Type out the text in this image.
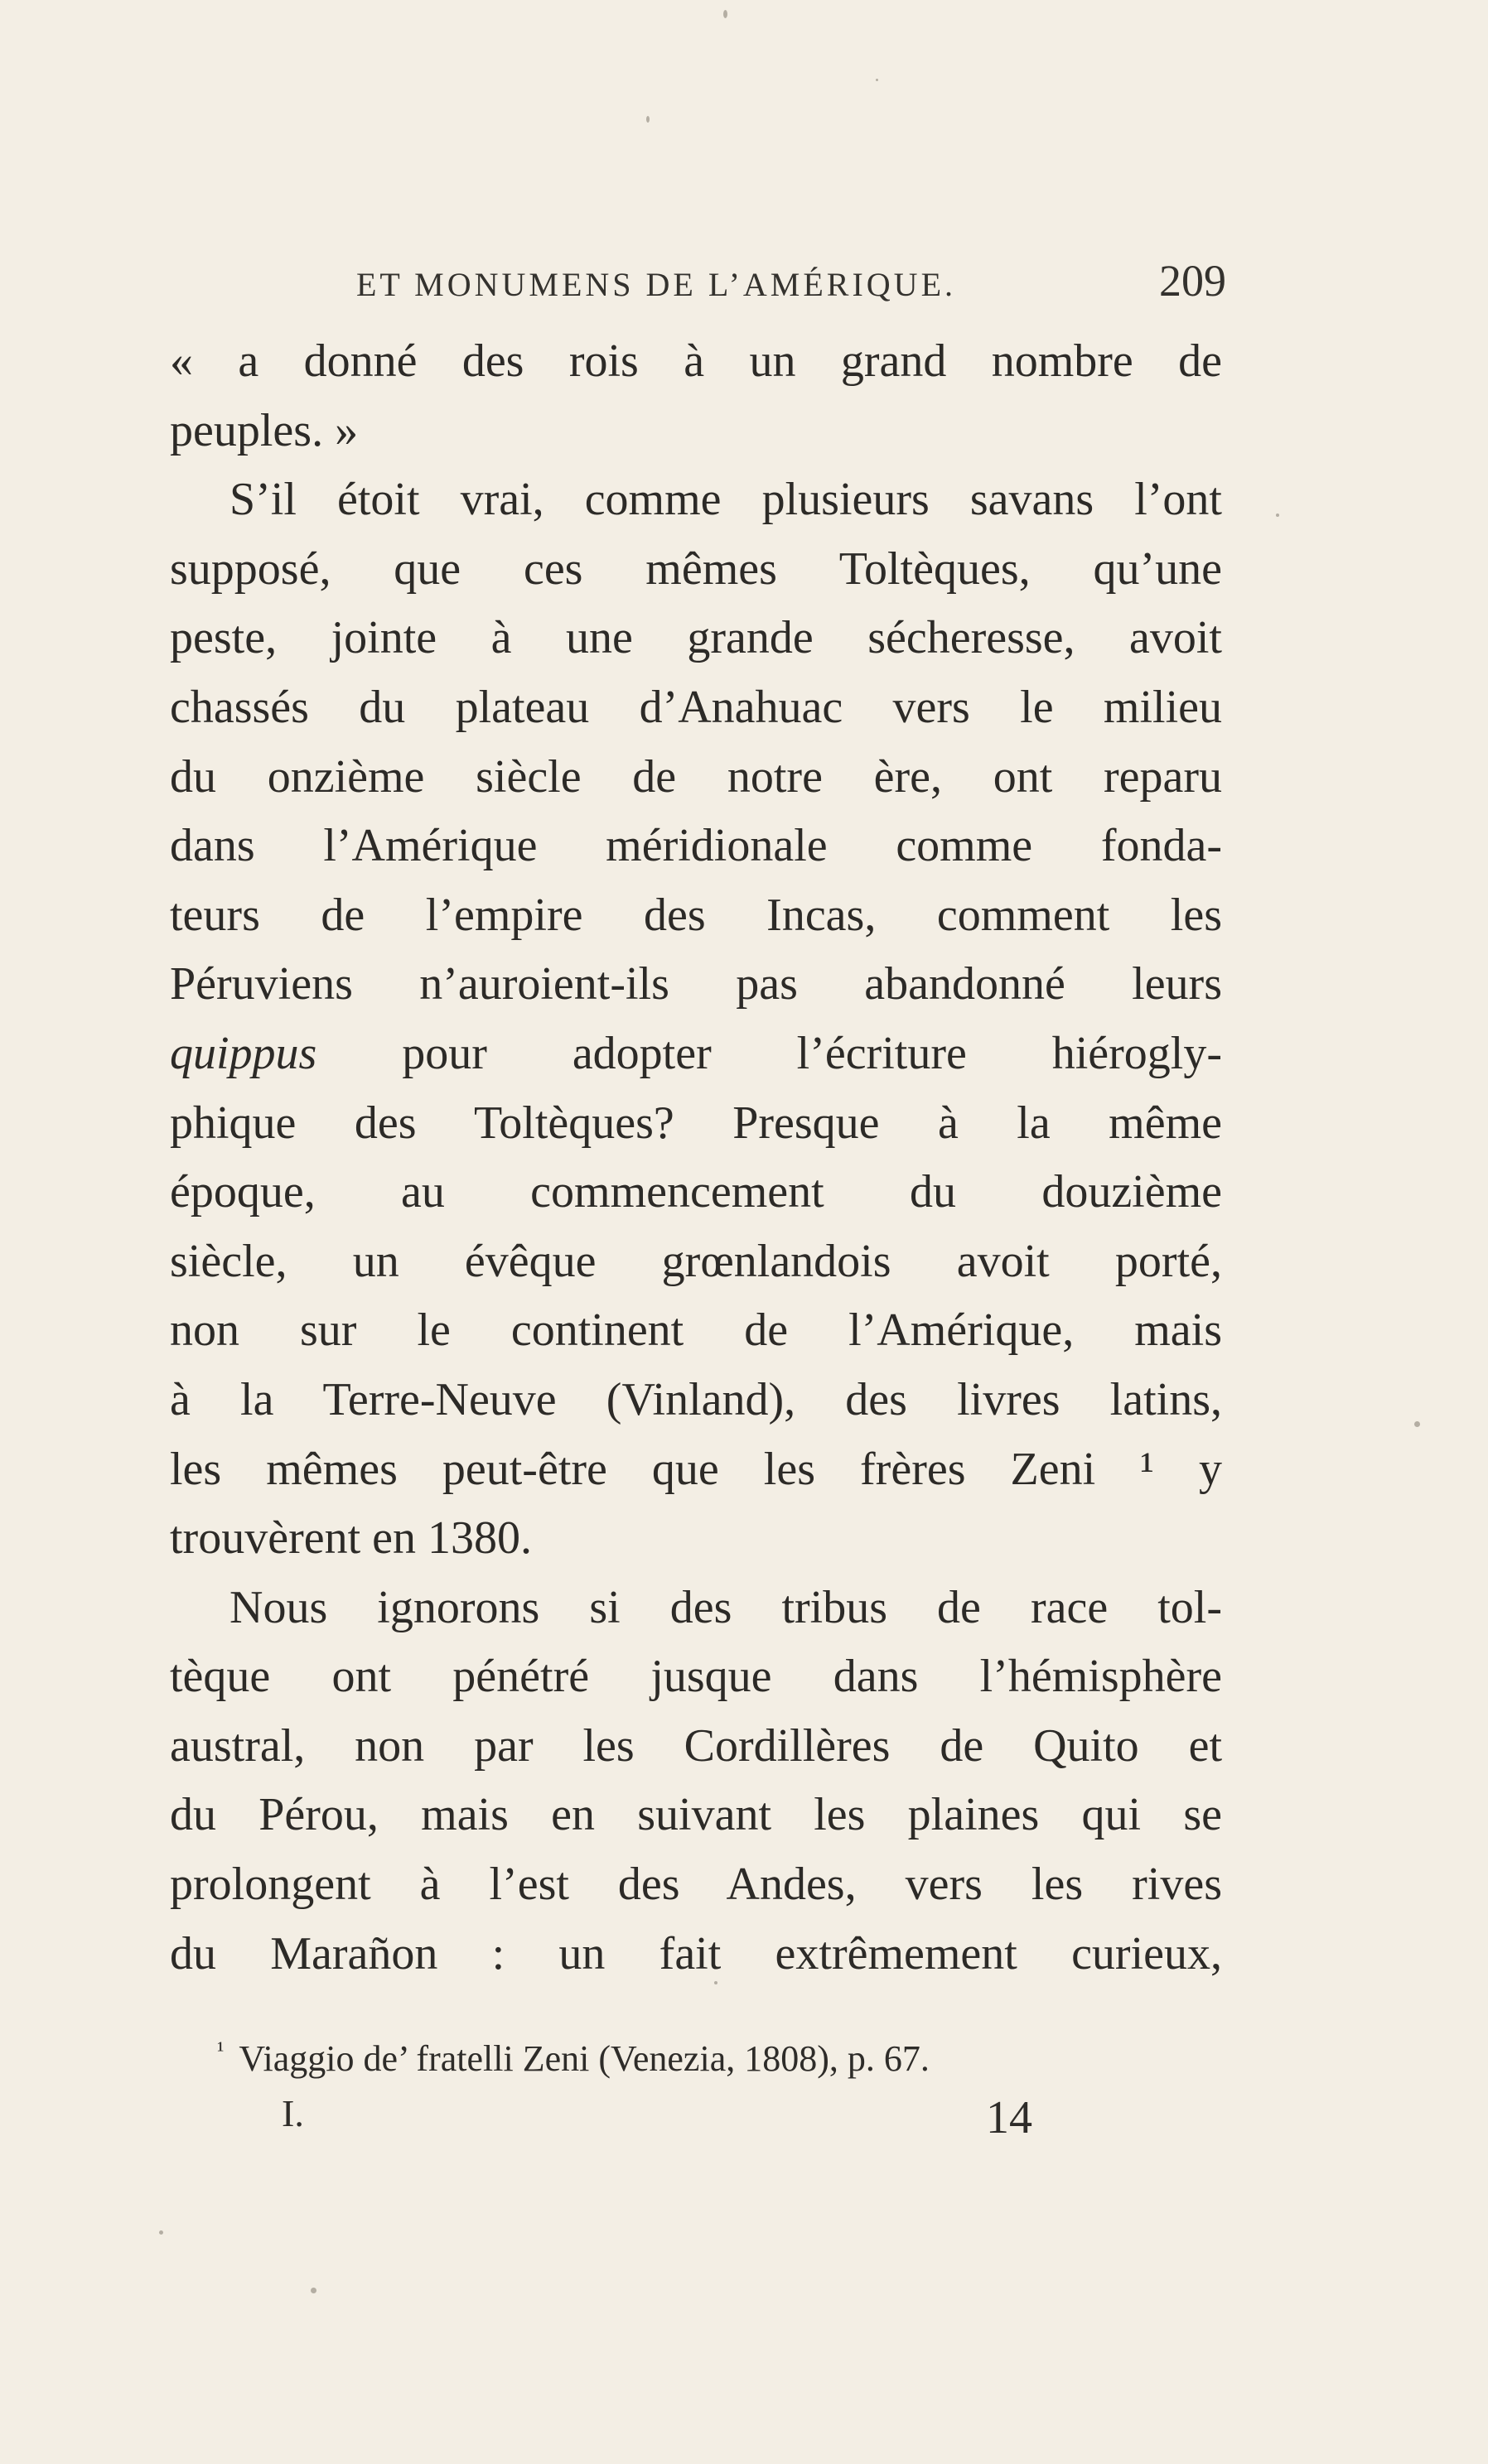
ET MONUMENS DE L’AMÉRIQUE.	209
« a donné des rois à un grand nombre de
peuples. »
S’il étoit vrai, comme plusieurs savans l’ont
supposé, que ces mêmes Toltèques, qu’une
peste, jointe à une grande sécheresse, avoit
chassés du plateau d’Anahuac vers le milieu
du onzième siècle de notre ère, ont reparu
dans l’Amérique méridionale comme fonda-
teurs de l’empire des Incas, comment les
Péruviens n’auroient-ils pas abandonné leurs
quippus pour adopter l’écriture hiérogly-
phique des Toltèques? Presque à la même
époque, au commencement du douzième
siècle, un évêque grœnlandois avoit porté,
non sur le continent de l’Amérique, mais
à la Terre-Neuve (Vinland), des livres latins,
les mêmes peut-être que les frères Zeni ¹ y
trouvèrent en 1380.
Nous ignorons si des tribus de race tol-
tèque ont pénétré jusque dans l’hémisphère
austral, non par les Cordillères de Quito et
du Pérou, mais en suivant les plaines qui se
prolongent à l’est des Andes, vers les rives
du Marañon : un fait extrêmement curieux,
$^{^1}$ Viaggio de’ fratelli Zeni (Venezia, 1808), p. 67.
I.	14
